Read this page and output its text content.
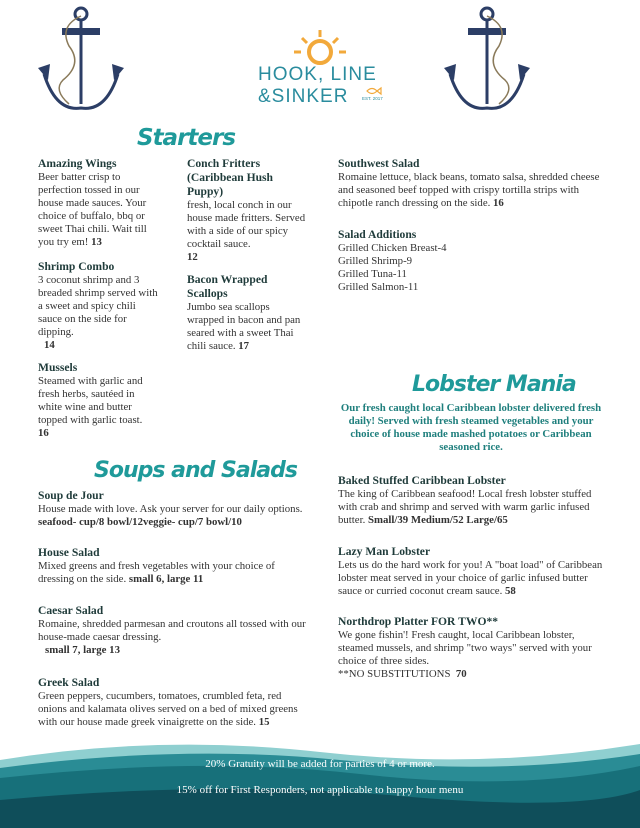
HOOK, LINE
&SINKER	EST. 2017
Starters
Amazing Wings
Beer batter crisp to perfection tossed in our house made sauces. Your choice of buffalo, bbq or sweet Thai chili. Wait till you try em! 13
Shrimp Combo
3 coconut shrimp and 3 breaded shrimp served with a sweet and spicy chili sauce on the side for dipping.
14
Mussels
Steamed with garlic and fresh herbs, sautéed in white wine and butter topped with garlic toast.
16
Conch Fritters (Caribbean Hush Puppy)
fresh, local conch in our house made fritters. Served with a side of our spicy cocktail sauce.
12
Bacon Wrapped Scallops
Jumbo sea scallops wrapped in bacon and pan seared with a sweet Thai chili sauce. 17
Southwest Salad
Romaine lettuce, black beans, tomato salsa, shredded cheese and seasoned beef topped with crispy tortilla strips with chipotle ranch dressing on the side. 16
Salad Additions
Grilled Chicken Breast-4
Grilled Shrimp-9
Grilled Tuna-11
Grilled Salmon-11
Lobster Mania
Our fresh caught local Caribbean lobster delivered fresh daily! Served with fresh steamed vegetables and your choice of house made mashed potatoes or Caribbean seasoned rice.
Baked Stuffed Caribbean Lobster
The king of Caribbean seafood! Local fresh lobster stuffed with crab and shrimp and served with warm garlic infused butter. Small/39 Medium/52 Large/65
Lazy Man Lobster
Lets us do the hard work for you! A "boat load" of Caribbean lobster meat served in your choice of garlic infused butter sauce or curried coconut cream sauce. 58
Northdrop Platter FOR TWO**
We gone fishin'! Fresh caught, local Caribbean lobster, steamed mussels, and shrimp "two ways" served with your choice of three sides.
**NO SUBSTITUTIONS 70
Soups and Salads
Soup de Jour
House made with love. Ask your server for our daily options. seafood- cup/8 bowl/12veggie- cup/7 bowl/10
House Salad
Mixed greens and fresh vegetables with your choice of dressing on the side. small 6, large 11
Caesar Salad
Romaine, shredded parmesan and croutons all tossed with our house-made caesar dressing.
small 7, large 13
Greek Salad
Green peppers, cucumbers, tomatoes, crumbled feta, red onions and kalamata olives served on a bed of mixed greens with our house made greek vinaigrette on the side. 15
20% Gratuity will be added for parties of 4 or more.
15% off for First Responders, not applicable to happy hour menu
